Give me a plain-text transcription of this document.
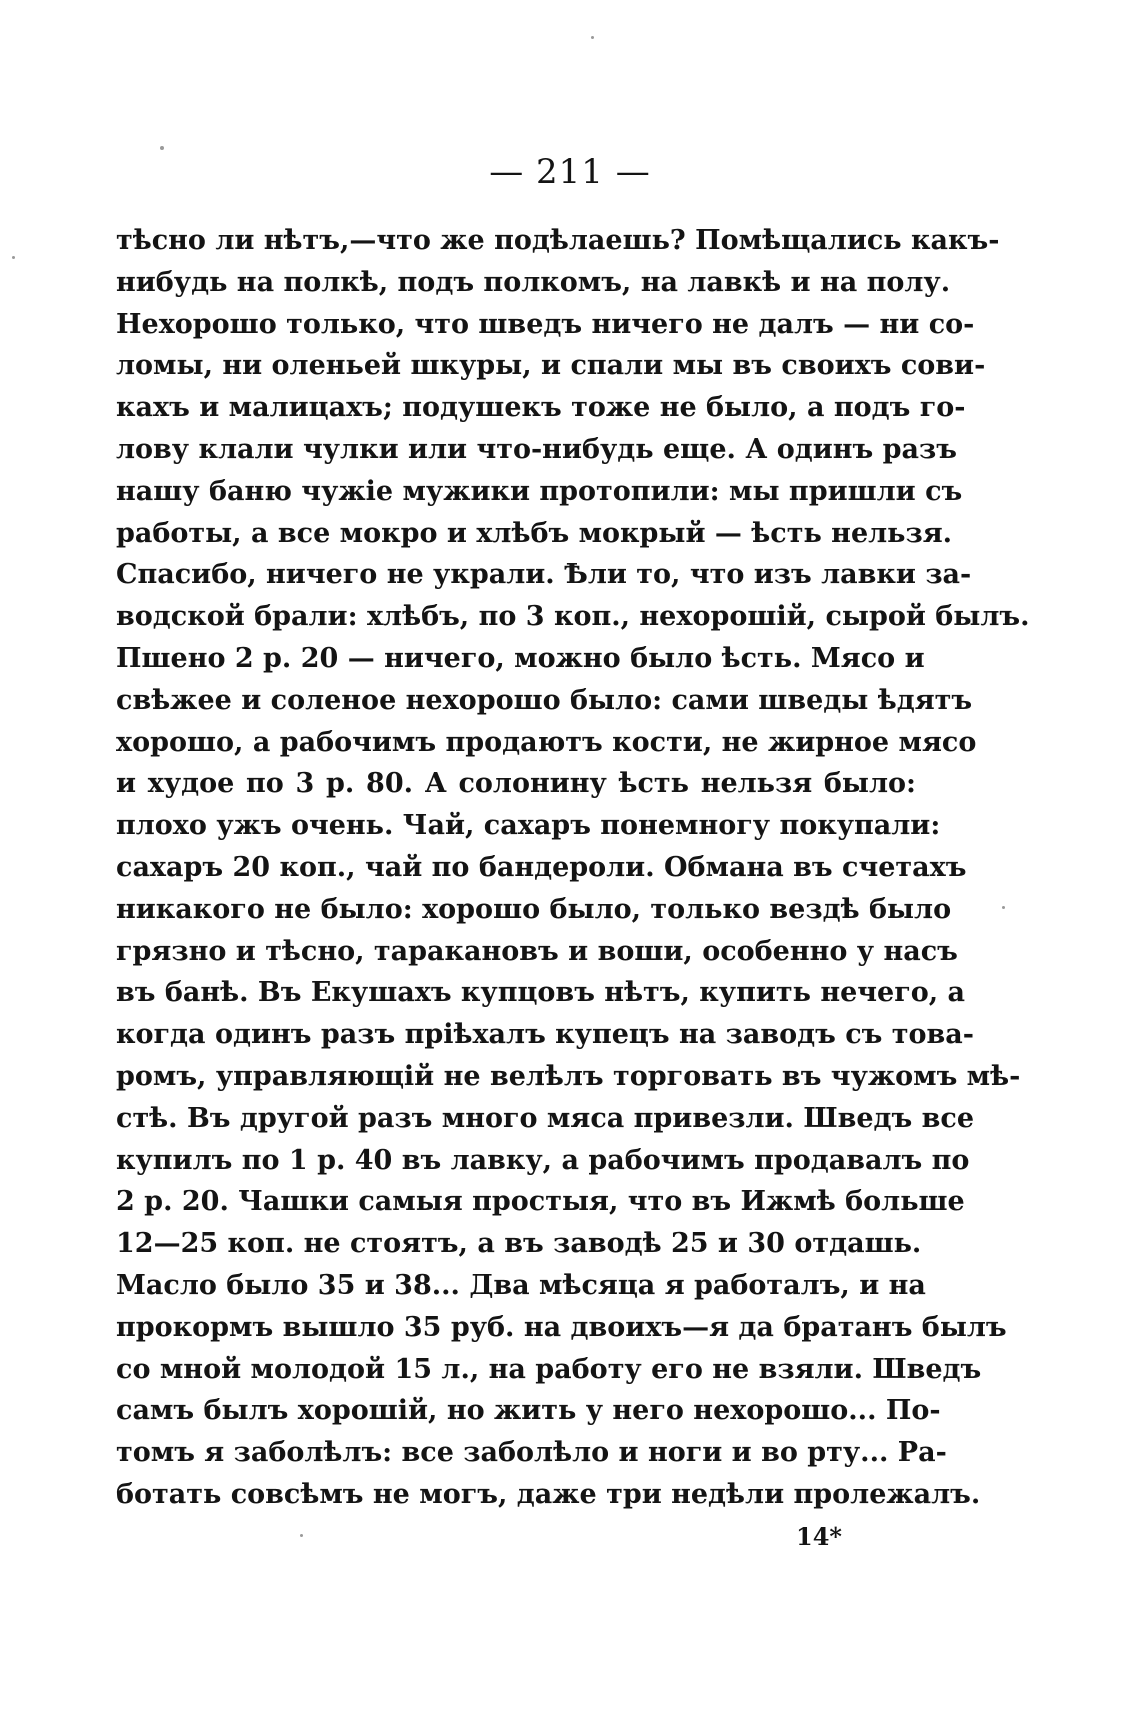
— 211 —
тѣсно ли нѣтъ,—что же подѣлаешь? Помѣщались какъ-
нибудь на полкѣ, подъ полкомъ, на лавкѣ и на полу.
Нехорошо только, что шведъ ничего не далъ — ни со-
ломы, ни оленьей шкуры, и спали мы въ своихъ сови-
кахъ и малицахъ; подушекъ тоже не было, а подъ го-
лову клали чулки или что-нибудь еще. А одинъ разъ
нашу баню чужіе мужики протопили: мы пришли съ
работы, а все мокро и хлѣбъ мокрый — ѣсть нельзя.
Спасибо, ничего не украли. Ѣли то, что изъ лавки за-
водской брали: хлѣбъ, по 3 коп., нехорошій, сырой былъ.
Пшено 2 р. 20 — ничего, можно было ѣсть. Мясо и
свѣжее и соленое нехорошо было: сами шведы ѣдятъ
хорошо, а рабочимъ продаютъ кости, не жирное мясо
и худое по 3 р. 80. А солонину ѣсть нельзя было:
плохо ужъ очень. Чай, сахаръ понемногу покупали:
сахаръ 20 коп., чай по бандероли. Обмана въ счетахъ
никакого не было: хорошо было, только вездѣ было
грязно и тѣсно, таракановъ и воши, особенно у насъ
въ банѣ. Въ Екушахъ купцовъ нѣтъ, купить нечего, а
когда одинъ разъ пріѣхалъ купецъ на заводъ съ това-
ромъ, управляющій не велѣлъ торговать въ чужомъ мѣ-
стѣ. Въ другой разъ много мяса привезли. Шведъ все
купилъ по 1 р. 40 въ лавку, а рабочимъ продавалъ по
2 р. 20. Чашки самыя простыя, что въ Ижмѣ больше
12—25 коп. не стоятъ, а въ заводѣ 25 и 30 отдашь.
Масло было 35 и 38... Два мѣсяца я работалъ, и на
прокормъ вышло 35 руб. на двоихъ—я да братанъ былъ
со мной молодой 15 л., на работу его не взяли. Шведъ
самъ былъ хорошій, но жить у него нехорошо... По-
томъ я заболѣлъ: все заболѣло и ноги и во рту... Ра-
ботать совсѣмъ не могъ, даже три недѣли пролежалъ.
14*
